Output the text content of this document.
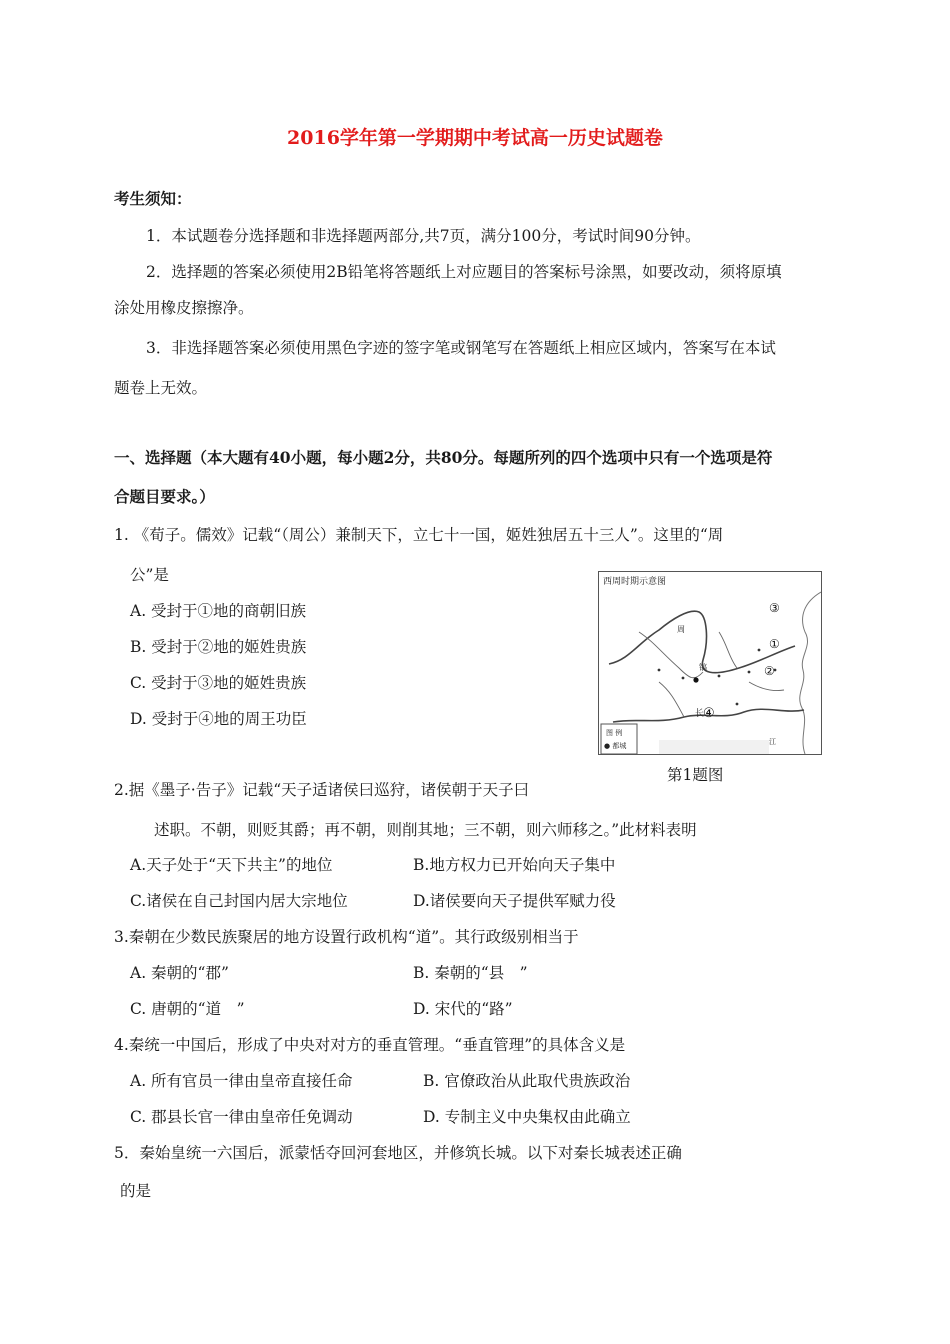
2016学年第一学期期中考试高一历史试题卷
考生须知：
1．本试题卷分选择题和非选择题两部分,共7页，满分100分，考试时间90分钟。
2．选择题的答案必须使用2B铅笔将答题纸上对应题目的答案标号涂黑，如要改动，须将原填
涂处用橡皮擦擦净。
3．非选择题答案必须使用黑色字迹的签字笔或钢笔写在答题纸上相应区域内，答案写在本试
题卷上无效。
一、选择题（本大题有40小题，每小题2分，共80分。每题所列的四个选项中只有一个选项是符
合题目要求。）
1. 《荀子。儒效》记载“（周公）兼制天下，立七十一国，姬姓独居五十三人”。这里的“周
公”是
A. 受封于①地的商朝旧族
B. 受封于②地的姬姓贵族
C. 受封于③地的姬姓贵族
D. 受封于④地的周王功臣
西周时期示意图
镐
周
长
江
③
①
②
④
图 例
● 都城
第1题图
2.据《墨子·告子》记载“天子适诸侯曰巡狩，诸侯朝于天子曰
述职。不朝，则贬其爵；再不朝，则削其地；三不朝，则六师移之。”此材料表明
A.天子处于“天下共主”的地位	B.地方权力已开始向天子集中
C.诸侯在自己封国内居大宗地位	D.诸侯要向天子提供军赋力役
3.秦朝在少数民族聚居的地方设置行政机构“道”。其行政级别相当于
A. 秦朝的“郡”	B. 秦朝的“县　”
C. 唐朝的“道　”	D. 宋代的“路”
4.秦统一中国后，形成了中央对对方的垂直管理。“垂直管理”的具体含义是
A. 所有官员一律由皇帝直接任命	B. 官僚政治从此取代贵族政治
C. 郡县长官一律由皇帝任免调动	D. 专制主义中央集权由此确立
5．秦始皇统一六国后，派蒙恬夺回河套地区，并修筑长城。以下对秦长城表述正确
的是
